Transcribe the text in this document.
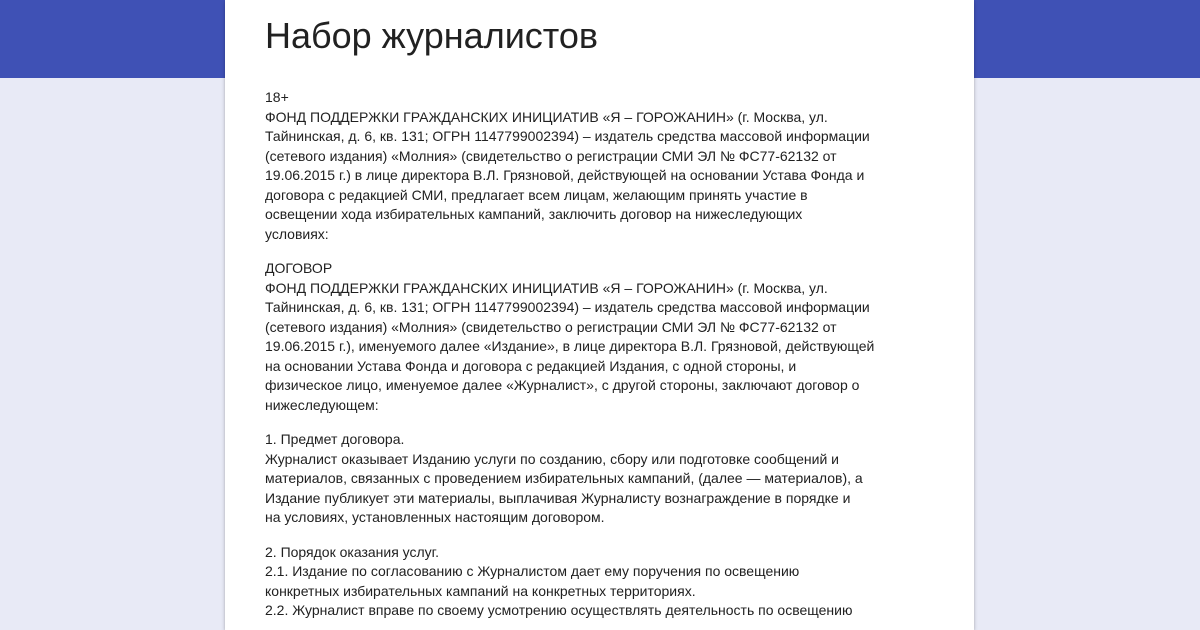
Набор журналистов

18+
ФОНД ПОДДЕРЖКИ ГРАЖДАНСКИХ ИНИЦИАТИВ «Я – ГОРОЖАНИН» (г. Москва, ул.
Тайнинская, д. 6, кв. 131; ОГРН 1147799002394) – издатель средства массовой информации
(сетевого издания) «Молния» (свидетельство о регистрации СМИ ЭЛ № ФС77-62132 от
19.06.2015 г.) в лице директора В.Л. Грязновой, действующей на основании Устава Фонда и
договора с редакцией СМИ, предлагает всем лицам, желающим принять участие в
освещении хода избирательных кампаний, заключить договор на нижеследующих
условиях:

ДОГОВОР
ФОНД ПОДДЕРЖКИ ГРАЖДАНСКИХ ИНИЦИАТИВ «Я – ГОРОЖАНИН» (г. Москва, ул.
Тайнинская, д. 6, кв. 131; ОГРН 1147799002394) – издатель средства массовой информации
(сетевого издания) «Молния» (свидетельство о регистрации СМИ ЭЛ № ФС77-62132 от
19.06.2015 г.), именуемого далее «Издание», в лице директора В.Л. Грязновой, действующей
на основании Устава Фонда и договора с редакцией Издания, с одной стороны, и
физическое лицо, именуемое далее «Журналист», с другой стороны, заключают договор о
нижеследующем:

1. Предмет договора.
Журналист оказывает Изданию услуги по созданию, сбору или подготовке сообщений и
материалов, связанных с проведением избирательных кампаний, (далее — материалов), а
Издание публикует эти материалы, выплачивая Журналисту вознаграждение в порядке и
на условиях, установленных настоящим договором.

2. Порядок оказания услуг.
2.1. Издание по согласованию с Журналистом дает ему поручения по освещению
конкретных избирательных кампаний на конкретных территориях.
2.2. Журналист вправе по своему усмотрению осуществлять деятельность по освещению
